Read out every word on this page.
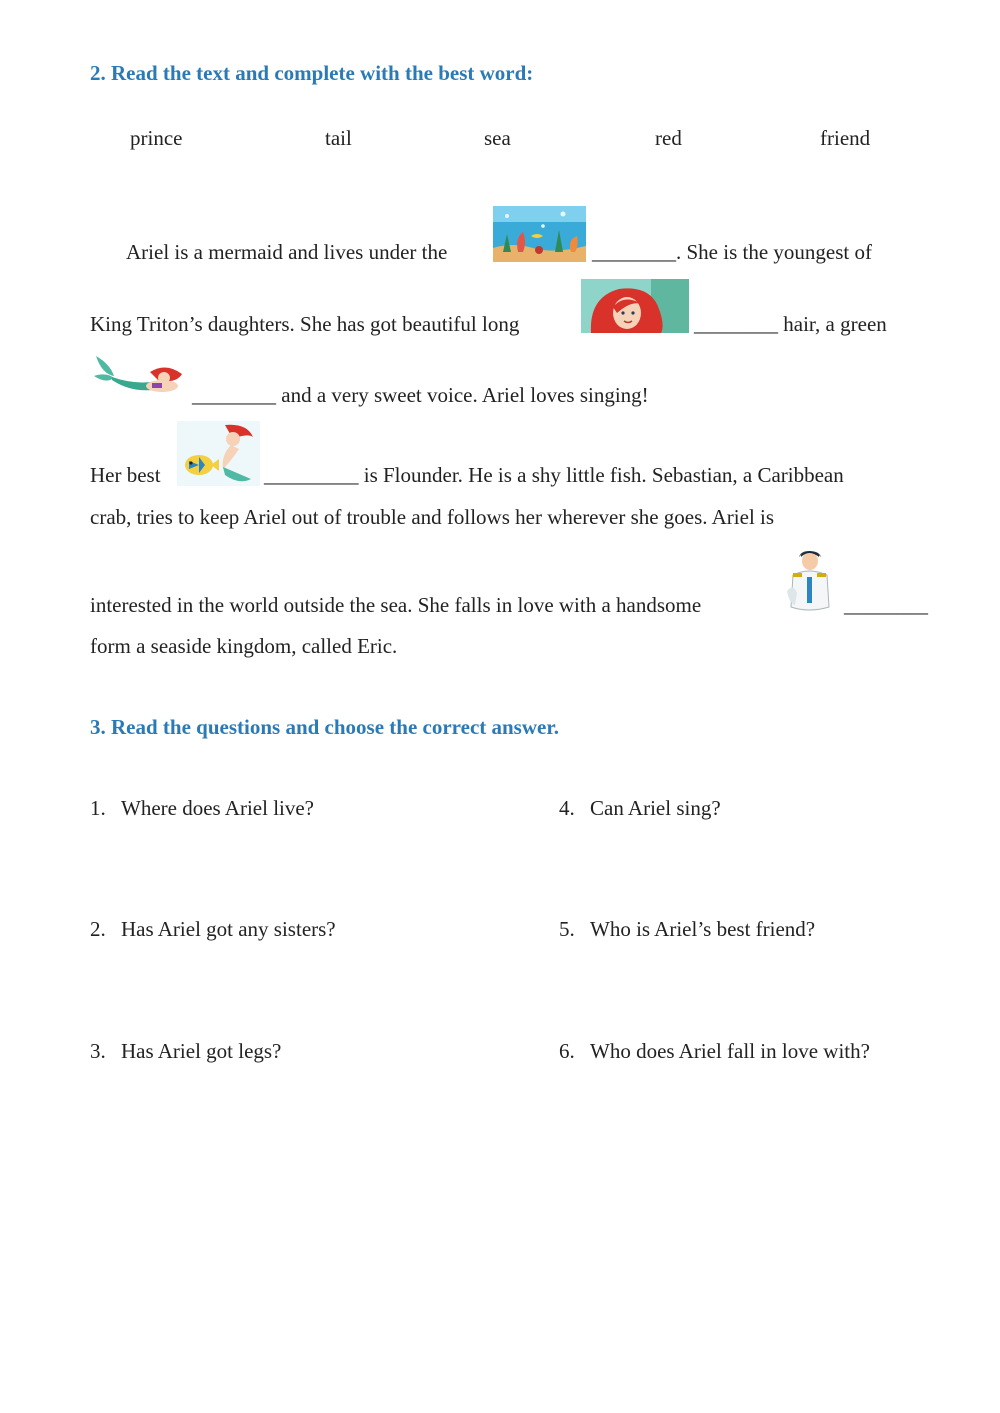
2. Read the text and complete with the best word:
prince	tail	sea	red	friend
Ariel is a mermaid and lives under the	________. She is the youngest of
King Triton’s daughters. She has got beautiful long	________ hair, a green
________ and a very sweet voice. Ariel loves singing!
Her best	_________ is Flounder. He is a shy little fish. Sebastian, a Caribbean
crab, tries to keep Ariel out of trouble and follows her wherever she goes. Ariel is
interested in the world outside the sea. She falls in love with a handsome	________
form a seaside kingdom, called Eric.
3. Read the questions and choose the correct answer.
1. Where does Ariel live?
2. Has Ariel got any sisters?
3. Has Ariel got legs?
4. Can Ariel sing?
5. Who is Ariel’s best friend?
6. Who does Ariel fall in love with?
